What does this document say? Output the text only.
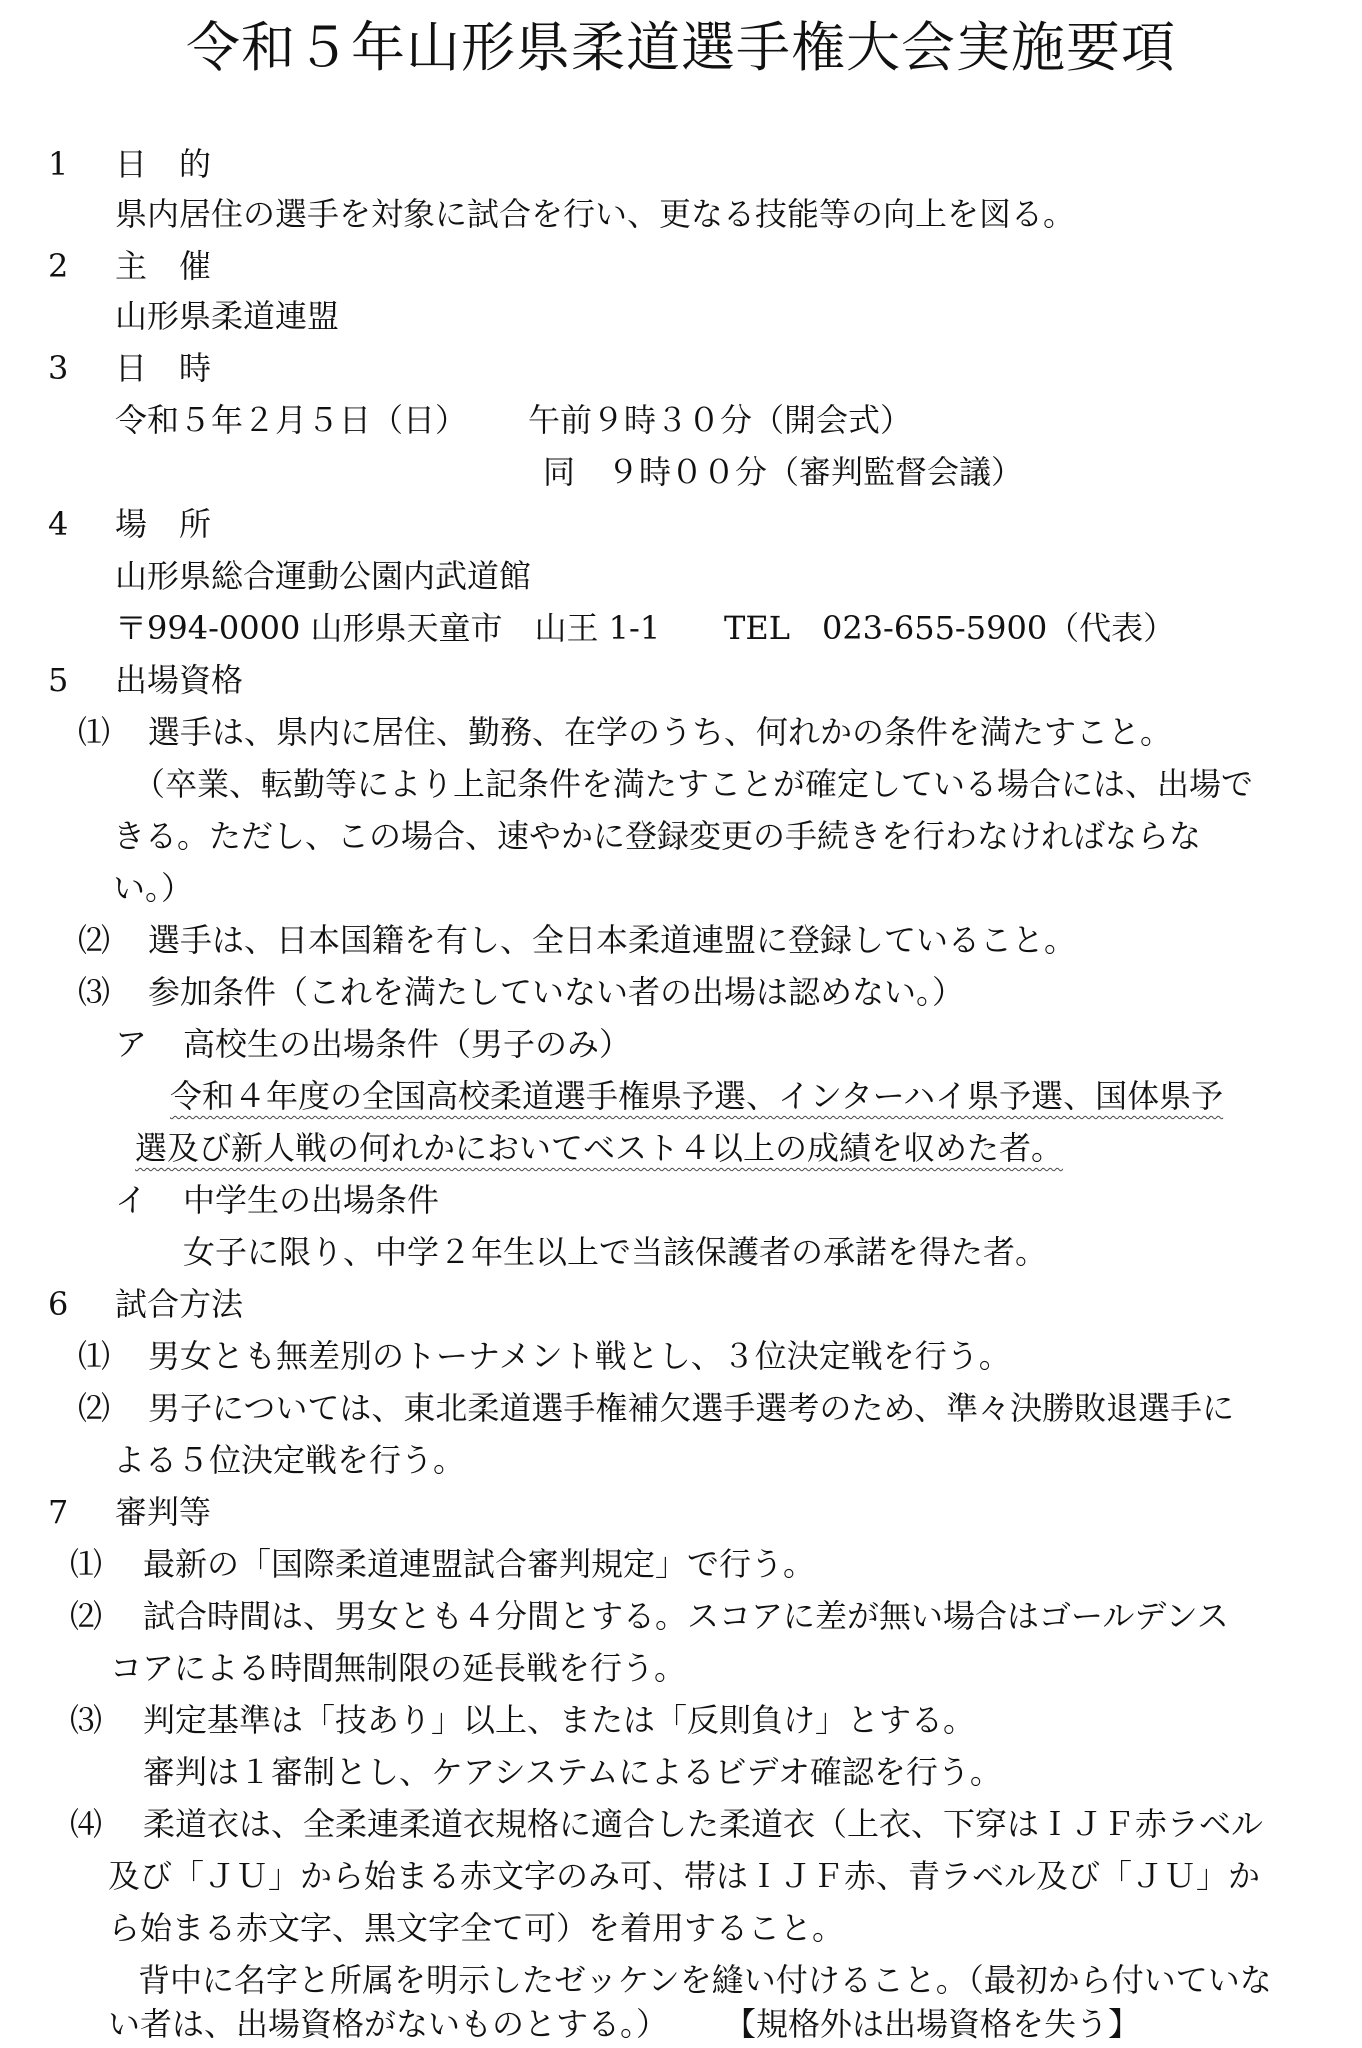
令和５年山形県柔道選手権大会実施要項
1	日　的
県内居住の選手を対象に試合を行い、更なる技能等の向上を図る。
2	主　催
山形県柔道連盟
3	日　時
令和５年２月５日（日） 午前９時３０分（開会式）
同　９時００分（審判監督会議）
4	場　所
山形県総合運動公園内武道館
〒994-0000 山形県天童市　山王 1-1 TEL　023-655-5900（代表）
5	出場資格
⑴ 選手は、県内に居住、勤務、在学のうち、何れかの条件を満たすこと。
（卒業、転勤等により上記条件を満たすことが確定している場合には、出場で
きる。ただし、この場合、速やかに登録変更の手続きを行わなければならな
い。）
⑵ 選手は、日本国籍を有し、全日本柔道連盟に登録していること。
⑶ 参加条件（これを満たしていない者の出場は認めない。）
ア 高校生の出場条件（男子のみ）
令和４年度の全国高校柔道選手権県予選、インターハイ県予選、国体県予
選及び新人戦の何れかにおいてベスト４以上の成績を収めた者。
イ 中学生の出場条件
女子に限り、中学２年生以上で当該保護者の承諾を得た者。
6	試合方法
⑴ 男女とも無差別のトーナメント戦とし、３位決定戦を行う。
⑵ 男子については、東北柔道選手権補欠選手選考のため、準々決勝敗退選手に
よる５位決定戦を行う。
7	審判等
⑴ 最新の「国際柔道連盟試合審判規定」で行う。
⑵ 試合時間は、男女とも４分間とする。スコアに差が無い場合はゴールデンス
コアによる時間無制限の延長戦を行う。
⑶ 判定基準は「技あり」以上、または「反則負け」とする。
審判は１審制とし、ケアシステムによるビデオ確認を行う。
⑷ 柔道衣は、全柔連柔道衣規格に適合した柔道衣（上衣、下穿はＩＪＦ赤ラベル
及び「ＪＵ」から始まる赤文字のみ可、帯はＩＪＦ赤、青ラベル及び「ＪＵ」か
ら始まる赤文字、黒文字全て可）を着用すること。
背中に名字と所属を明示したゼッケンを縫い付けること。（最初から付いていな
い者は、出場資格がないものとする。） 【規格外は出場資格を失う】
